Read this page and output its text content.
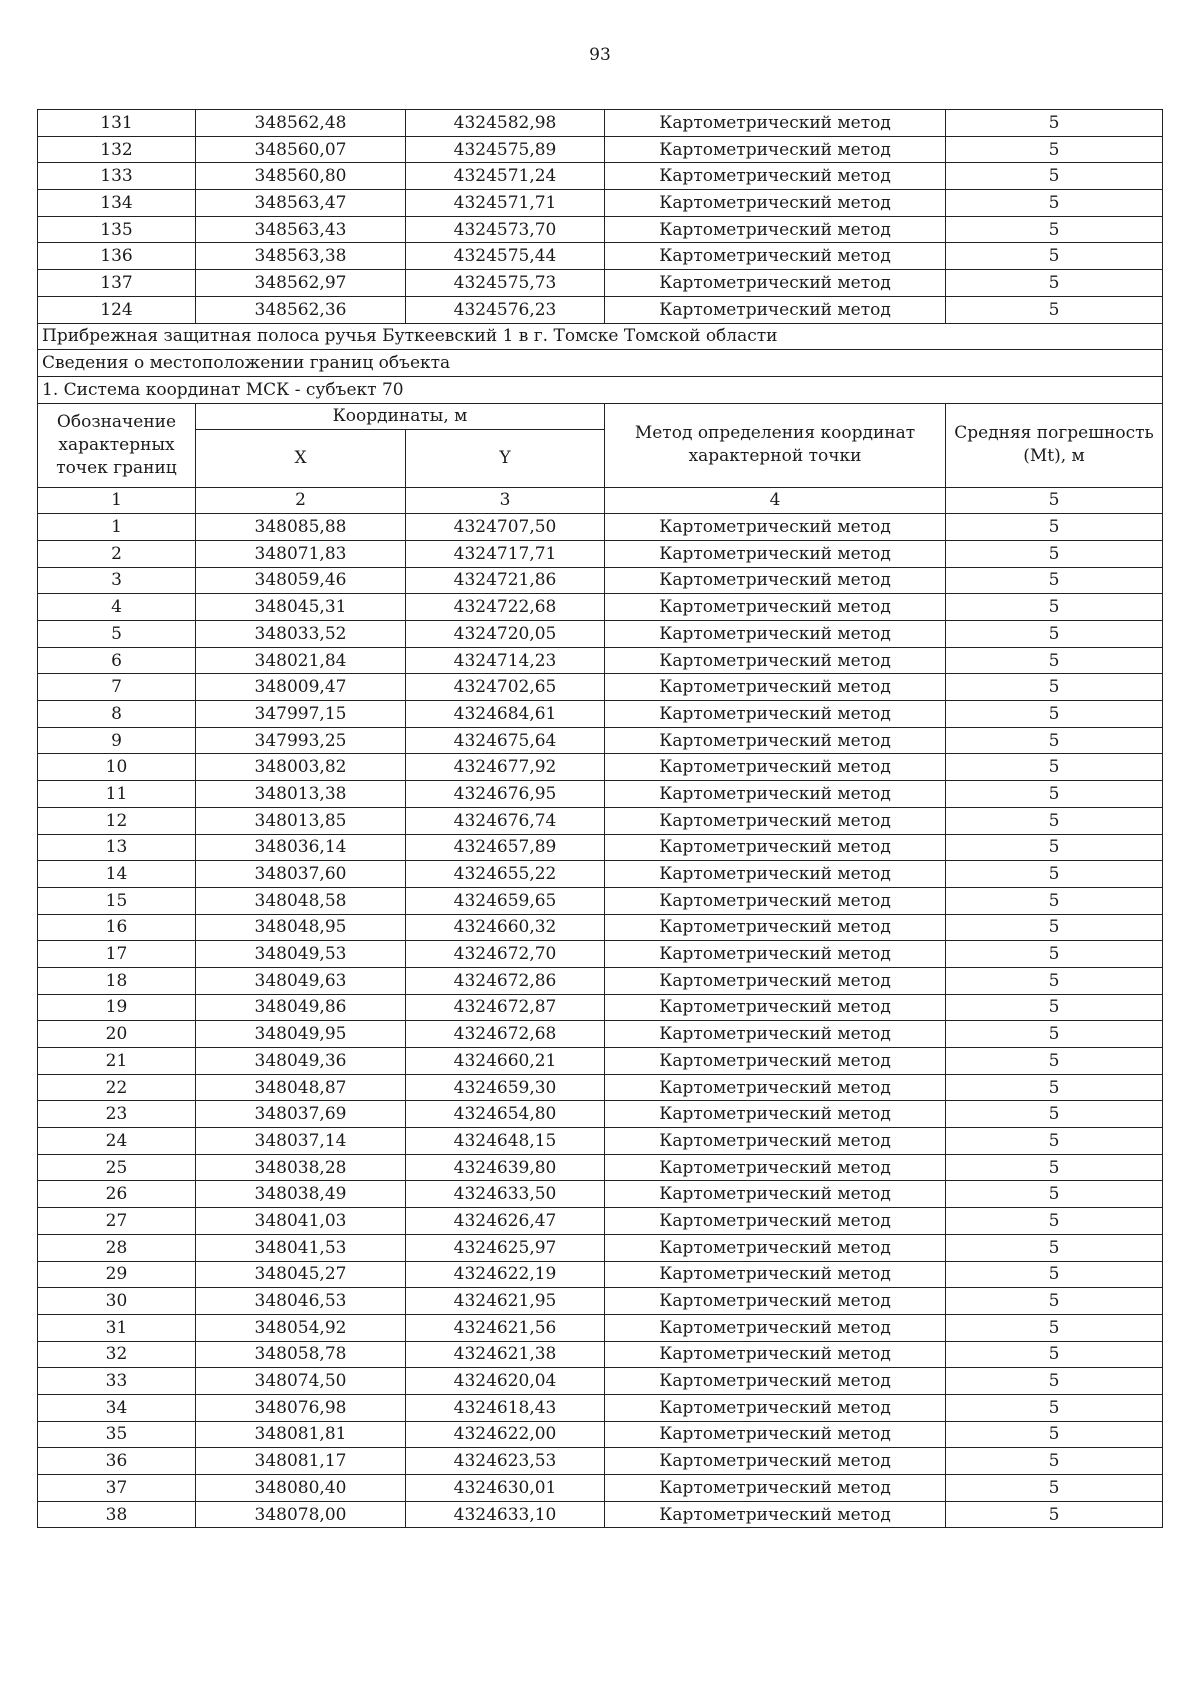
93
131	348562,48	4324582,98	Картометрический метод	5
132	348560,07	4324575,89	Картометрический метод	5
133	348560,80	4324571,24	Картометрический метод	5
134	348563,47	4324571,71	Картометрический метод	5
135	348563,43	4324573,70	Картометрический метод	5
136	348563,38	4324575,44	Картометрический метод	5
137	348562,97	4324575,73	Картометрический метод	5
124	348562,36	4324576,23	Картометрический метод	5
Прибрежная защитная полоса ручья Буткеевский 1 в г. Томске Томской области				
Сведения о местоположении границ объекта				
1. Система координат МСК - субъект 70				
Обозначение характерных точек границ	Координаты, м		Метод определения координат характерной точки	Средняя погрешность (Mt), м
	X	Y		
1	2	3	4	5
1	348085,88	4324707,50	Картометрический метод	5
2	348071,83	4324717,71	Картометрический метод	5
3	348059,46	4324721,86	Картометрический метод	5
4	348045,31	4324722,68	Картометрический метод	5
5	348033,52	4324720,05	Картометрический метод	5
6	348021,84	4324714,23	Картометрический метод	5
7	348009,47	4324702,65	Картометрический метод	5
8	347997,15	4324684,61	Картометрический метод	5
9	347993,25	4324675,64	Картометрический метод	5
10	348003,82	4324677,92	Картометрический метод	5
11	348013,38	4324676,95	Картометрический метод	5
12	348013,85	4324676,74	Картометрический метод	5
13	348036,14	4324657,89	Картометрический метод	5
14	348037,60	4324655,22	Картометрический метод	5
15	348048,58	4324659,65	Картометрический метод	5
16	348048,95	4324660,32	Картометрический метод	5
17	348049,53	4324672,70	Картометрический метод	5
18	348049,63	4324672,86	Картометрический метод	5
19	348049,86	4324672,87	Картометрический метод	5
20	348049,95	4324672,68	Картометрический метод	5
21	348049,36	4324660,21	Картометрический метод	5
22	348048,87	4324659,30	Картометрический метод	5
23	348037,69	4324654,80	Картометрический метод	5
24	348037,14	4324648,15	Картометрический метод	5
25	348038,28	4324639,80	Картометрический метод	5
26	348038,49	4324633,50	Картометрический метод	5
27	348041,03	4324626,47	Картометрический метод	5
28	348041,53	4324625,97	Картометрический метод	5
29	348045,27	4324622,19	Картометрический метод	5
30	348046,53	4324621,95	Картометрический метод	5
31	348054,92	4324621,56	Картометрический метод	5
32	348058,78	4324621,38	Картометрический метод	5
33	348074,50	4324620,04	Картометрический метод	5
34	348076,98	4324618,43	Картометрический метод	5
35	348081,81	4324622,00	Картометрический метод	5
36	348081,17	4324623,53	Картометрический метод	5
37	348080,40	4324630,01	Картометрический метод	5
38	348078,00	4324633,10	Картометрический метод	5
